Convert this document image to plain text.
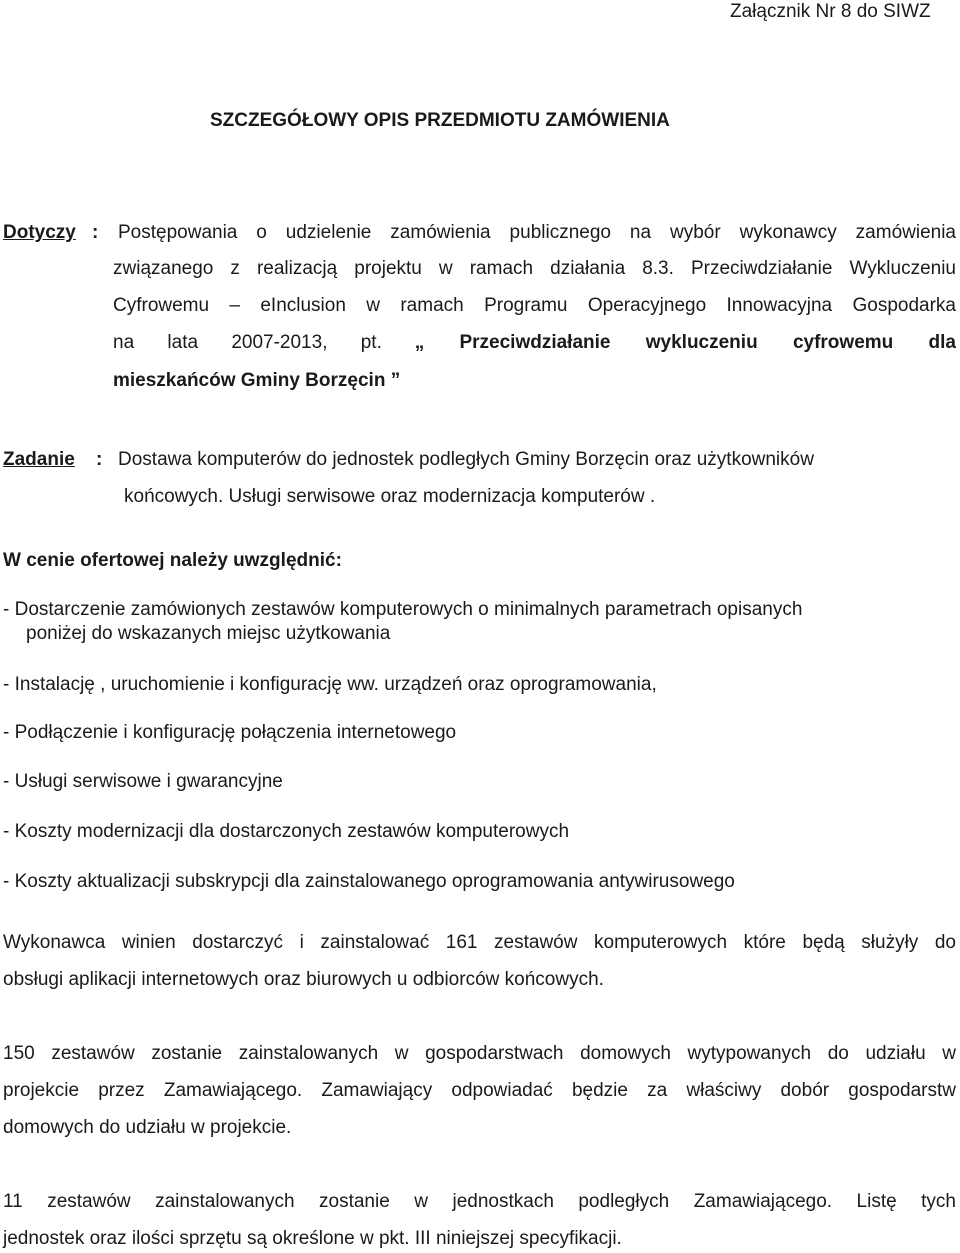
Załącznik Nr 8 do SIWZ
SZCZEGÓŁOWY OPIS PRZEDMIOTU ZAMÓWIENIA
Dotyczy : Postępowania o udzielenie zamówienia publicznego na wybór wykonawcy zamówienia
związanego z realizacją projektu w ramach działania 8.3. Przeciwdziałanie Wykluczeniu
Cyfrowemu – eInclusion w ramach Programu Operacyjnego Innowacyjna Gospodarka
na lata 2007-2013, pt. „ Przeciwdziałanie wykluczeniu cyfrowemu dla
mieszkańców Gminy Borzęcin ”
Zadanie : Dostawa komputerów do jednostek podległych Gminy Borzęcin oraz użytkowników
końcowych. Usługi serwisowe oraz modernizacja komputerów .
W cenie ofertowej należy uwzględnić:
- Dostarczenie zamówionych zestawów komputerowych o minimalnych parametrach opisanych
poniżej do wskazanych miejsc użytkowania
- Instalację , uruchomienie i konfigurację ww. urządzeń oraz oprogramowania,
- Podłączenie i konfigurację połączenia internetowego
- Usługi serwisowe i gwarancyjne
- Koszty modernizacji dla dostarczonych zestawów komputerowych
- Koszty aktualizacji subskrypcji dla zainstalowanego oprogramowania antywirusowego
Wykonawca winien dostarczyć i zainstalować 161 zestawów komputerowych które będą służyły do
obsługi aplikacji internetowych oraz biurowych u odbiorców końcowych.
150 zestawów zostanie zainstalowanych w gospodarstwach domowych wytypowanych do udziału w
projekcie przez Zamawiającego. Zamawiający odpowiadać będzie za właściwy dobór gospodarstw
domowych do udziału w projekcie.
11 zestawów zainstalowanych zostanie w jednostkach podległych Zamawiającego. Listę tych
jednostek oraz ilości sprzętu są określone w pkt. III niniejszej specyfikacji.
